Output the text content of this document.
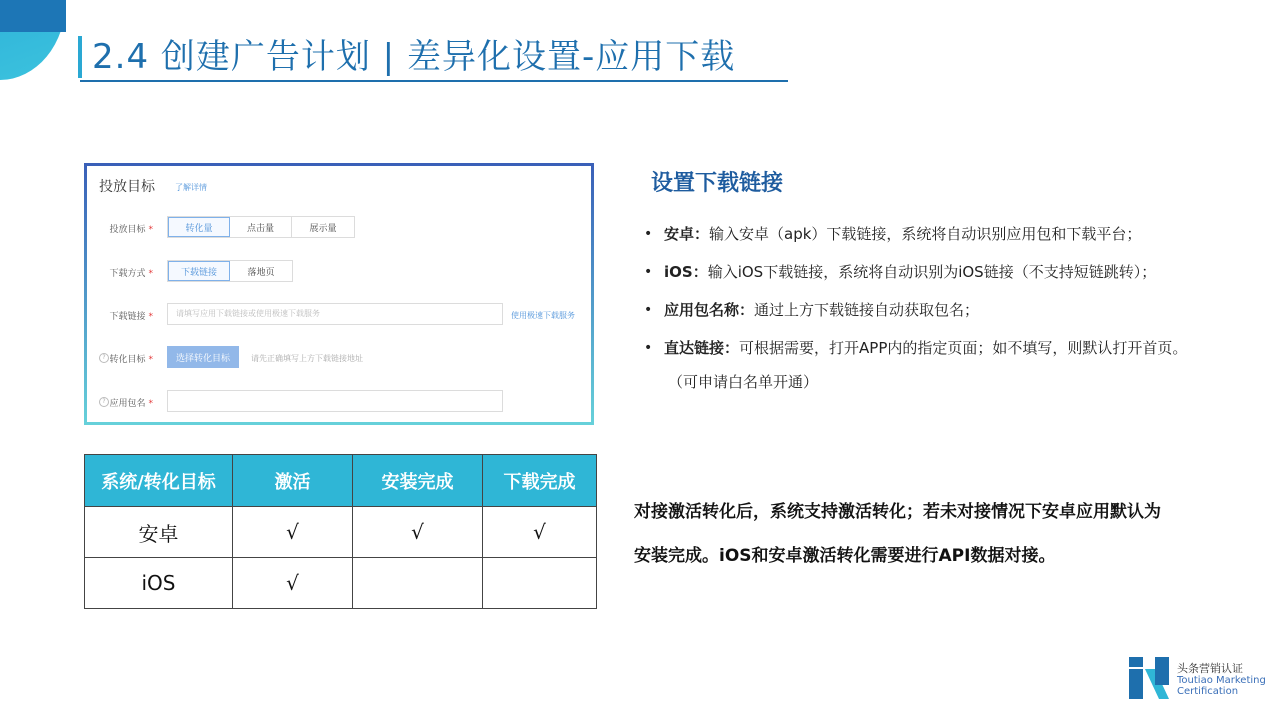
2.4 创建广告计划 | 差异化设置-应用下载
投放目标	了解详情
投放目标 *	转化量	点击量	展示量
下载方式 *	下载链接	落地页
下载链接 *	请填写应用下载链接或使用极速下载服务	使用极速下载服务
? 转化目标 *	选择转化目标	请先正确填写上方下载链接地址
? 应用包名 *
设置下载链接
• 安卓：输入安卓（apk）下载链接，系统将自动识别应用包和下载平台；
• iOS：输入iOS下载链接，系统将自动识别为iOS链接（不支持短链跳转）；
• 应用包名称：通过上方下载链接自动获取包名；
• 直达链接：可根据需要，打开APP内的指定页面；如不填写，则默认打开首页。
（可申请白名单开通）
系统/转化目标	激活	安装完成	下载完成
安卓	√	√	√
iOS	√		
对接激活转化后，系统支持激活转化；若未对接情况下安卓应用默认为
安装完成。iOS和安卓激活转化需要进行API数据对接。
头条营销认证
Toutiao Marketing
Certification
